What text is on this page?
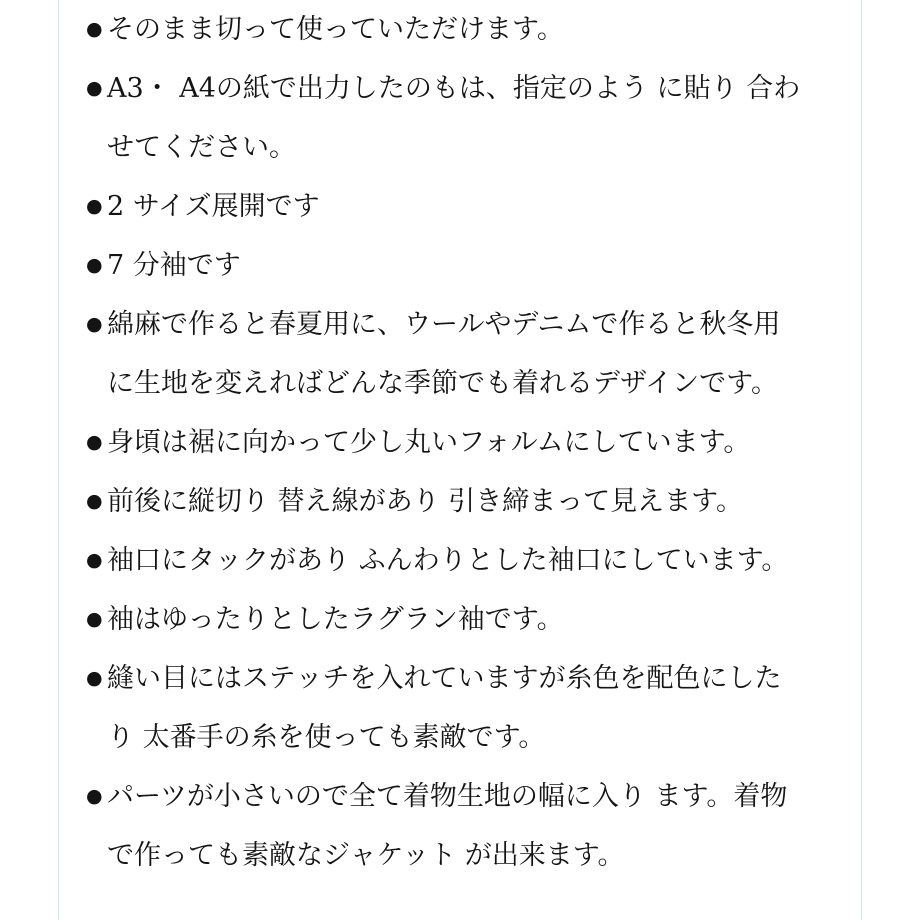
● そのまま切って使っていただけます。
● A3・ A4の紙で出力したのもは、指定のよう に貼り 合わ
せてください。
● 2 サイズ展開です
● 7 分袖です
● 綿麻で作ると春夏用に、ウールやデニムで作ると秋冬用
に生地を変えればどんな季節でも着れるデザインです。
● 身頃は裾に向かって少し丸いフォルムにしています。
● 前後に縦切り 替え線があり 引き締まって見えます。
● 袖口にタックがあり ふんわりとした袖口にしています。
● 袖はゆったりとしたラグラン袖です。
● 縫い目にはステッチを入れていますが糸色を配色にした
り 太番手の糸を使っても素敵です。
● パーツが小さいので全て着物生地の幅に入り ます。着物
で作っても素敵なジャケット が出来ます。
